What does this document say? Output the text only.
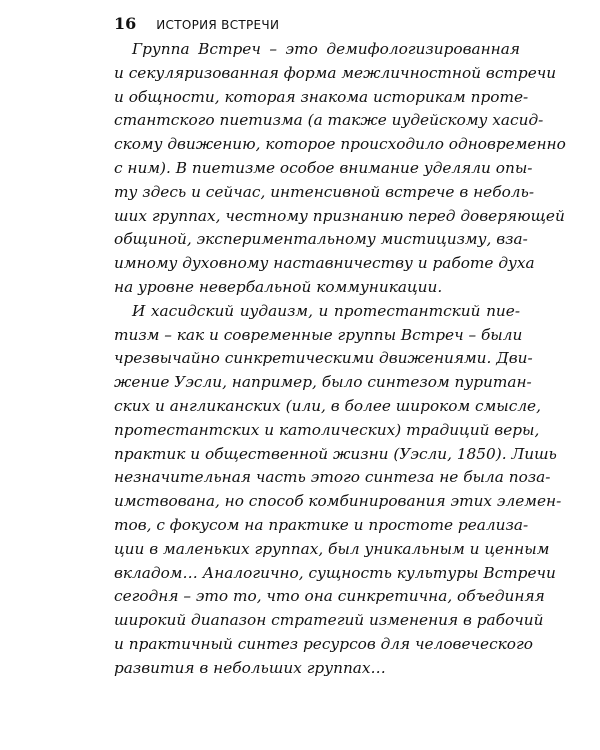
16 ИСТОРИЯ ВСТРЕЧИ
Группа Встреч – это демифологизированная
и секуляризованная форма межличностной встречи
и общности, которая знакома историкам проте-
стантского пиетизма (а также иудейскому хасид-
скому движению, которое происходило одновременно
с ним). В пиетизме особое внимание уделяли опы-
ту здесь и сейчас, интенсивной встрече в неболь-
ших группах, честному признанию перед доверяющей
общиной, экспериментальному мистицизму, вза-
имному духовному наставничеству и работе духа
на уровне невербальной коммуникации.
И хасидский иудаизм, и протестантский пие-
тизм – как и современные группы Встреч – были
чрезвычайно синкретическими движениями. Дви-
жение Уэсли, например, было синтезом пуритан-
ских и англиканских (или, в более широком смысле,
протестантских и католических) традиций веры,
практик и общественной жизни (Уэсли, 1850). Лишь
незначительная часть этого синтеза не была поза-
имствована, но способ комбинирования этих элемен-
тов, с фокусом на практике и простоте реализа-
ции в маленьких группах, был уникальным и ценным
вкладом… Аналогично, сущность культуры Встречи
сегодня – это то, что она синкретична, объединяя
широкий диапазон стратегий изменения в рабочий
и практичный синтез ресурсов для человеческого
развития в небольших группах…
